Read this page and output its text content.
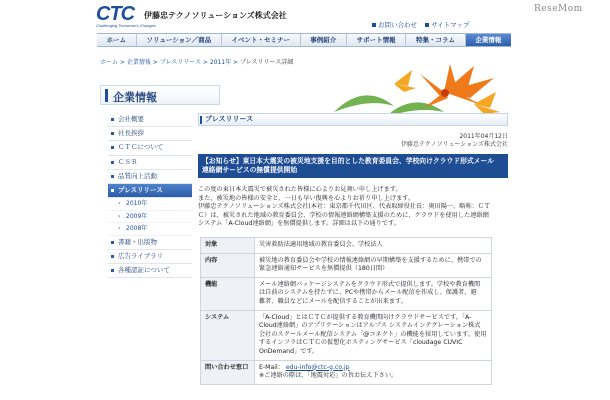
CTC
Challenging Tomorrow's Changes
伊藤忠テクノソリューションズ株式会社
お問い合わせ サイトマップ
ReseMom
ホーム	ソリューション／商品	イベント・セミナー	事例紹介	サポート情報	特集・コラム	企業情報
ホーム > 企業情報 > プレスリリース > 2011年 > プレスリリース詳細
企業情報
会社概要
社長挨拶
ＣＴＣについて
ＣＳＲ
品質向上活動
プレスリリース
› 2010年
› 2009年
› 2008年
書籍・出版物
広告ライブラリ
各種認証について
プレスリリース
2011年04月12日
伊藤忠テクノソリューションズ株式会社
【お知らせ】東日本大震災の被災地支援を目的とした教育委員会、学校向けクラウド形式メール
連絡網サービスの無償提供開始
この度の東日本大震災で被災された皆様に心よりお見舞い申し上げます。
また、被災地の皆様の安全と、一日も早い復興を心よりお祈り申し上げます。
伊藤忠テクノソリューションズ株式会社(本社：東京都千代田区、代表取締役社長：奥田陽一、略称：ＣＴ
Ｃ）は、被災された地域の教育委員会、学校の情報連絡網構築支援のために、クラウドを使用した連絡網
システム「A-Cloud連絡網」を無償提供します。詳細は以下の通りです。
対象	災害救助法適用地域の教育委員会、学校法人

内容	被災地の教育委員会や学校の情報連絡網の早期構築を支援するために、携帯での
緊急連絡通知サービスを無償提供（180日間）

機能	メール連絡網パッケージシステムをクラウド形式で提供します。学校や教育機関
は自前のシステムを持たずに、PCや携帯からメール配信を作成し、保護者、避
難者、職員などにメールを配信することが出来ます。

システム	「A-Cloud」とはＣＴＣが提供する教育機関向けクラウドサービスです。「A-
Cloud連絡網」のアプリケーションはアルプス システムインテグレーション株式
会社のスクールメール配信システム「@コネクト」の機能を採用しています。使用
するインフラはＣＴＣの仮想化ホスティングサービス「cloudage CUVIC
OnDemand」です。

問い合わせ窓口	E-Mail： edu-info@ctc-g.co.jp
※ご連絡の際は、「地震対応」の旨お伝え下さい。
